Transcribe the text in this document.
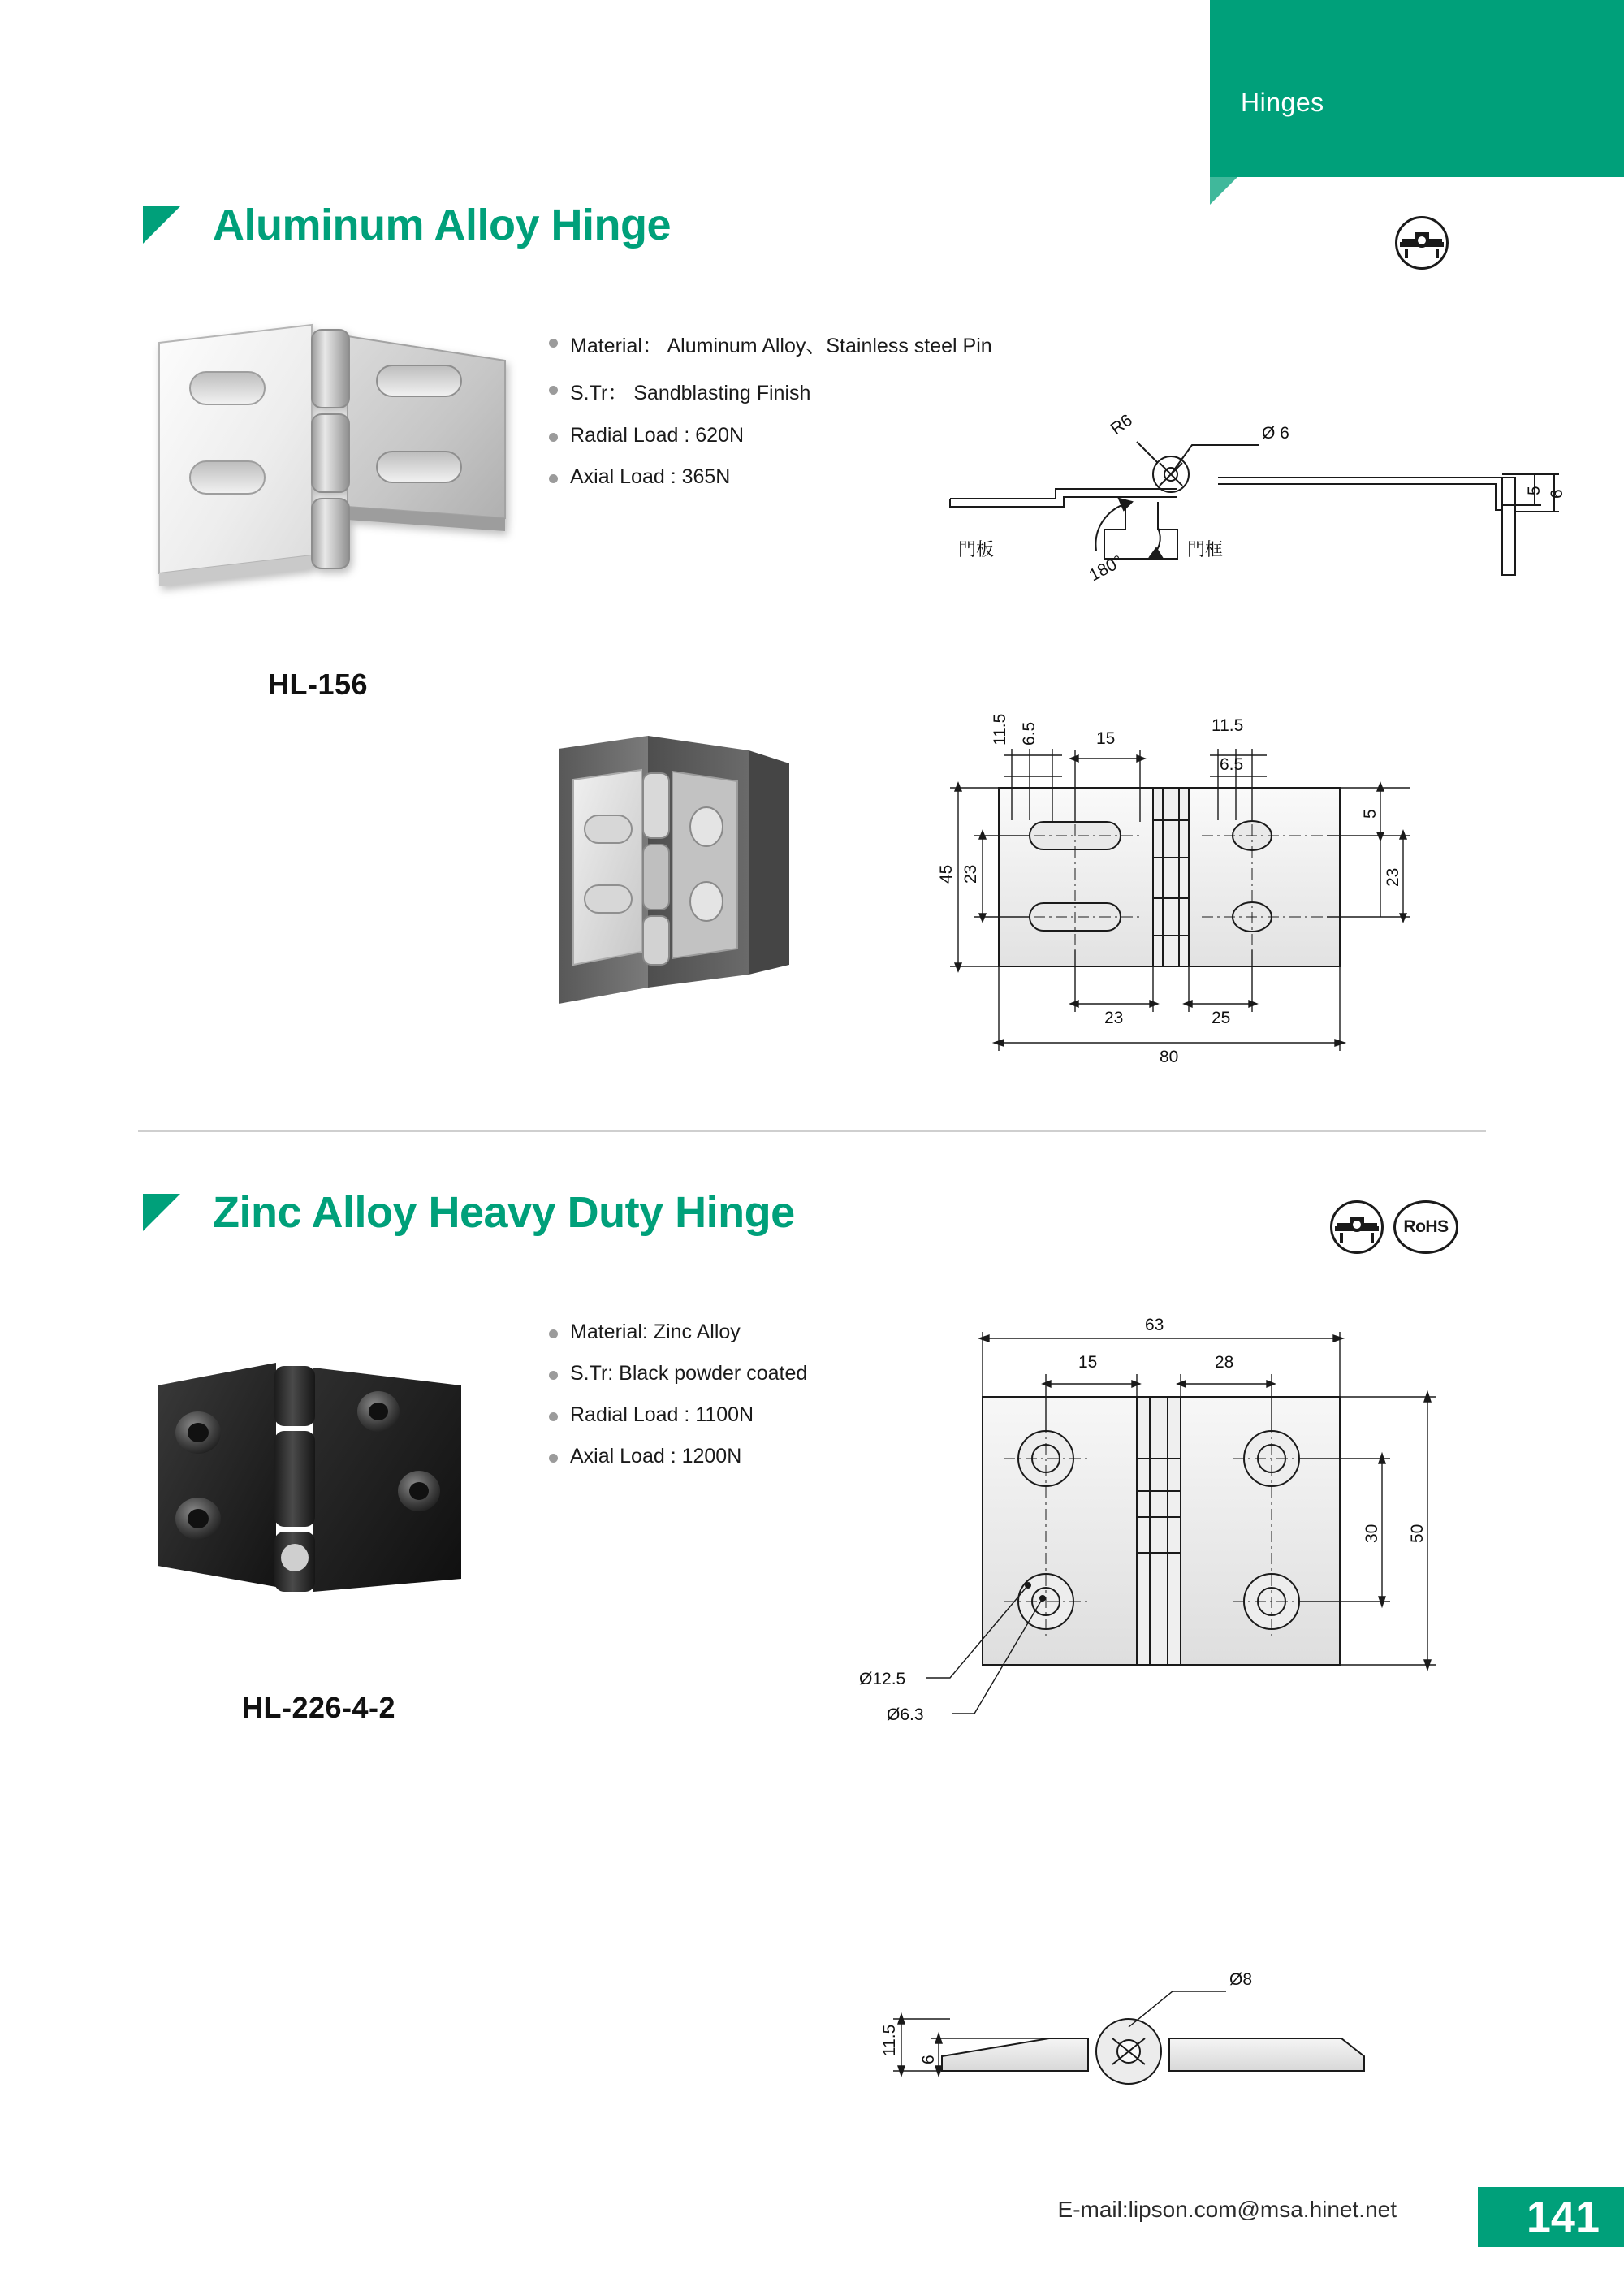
Hinges
Aluminum Alloy Hinge
Material： Aluminum Alloy、Stainless steel Pin
S.Tr： Sandblasting Finish
Radial Load : 620N
Axial Load : 365N
HL-156
R6	Ø 6
5 6
門板	門框
180°
11.5 6.5	15
11.5
6.5
45 23
5
23
23	25
80
Zinc Alloy Heavy Duty Hinge	RoHS
Material: Zinc Alloy
S.Tr: Black powder coated
Radial Load : 1100N
Axial Load : 1200N
HL-226-4-2
63
15	28
30 50
Ø12.5
Ø6.3
11.5
6
Ø8
E-mail:lipson.com@msa.hinet.net	141
